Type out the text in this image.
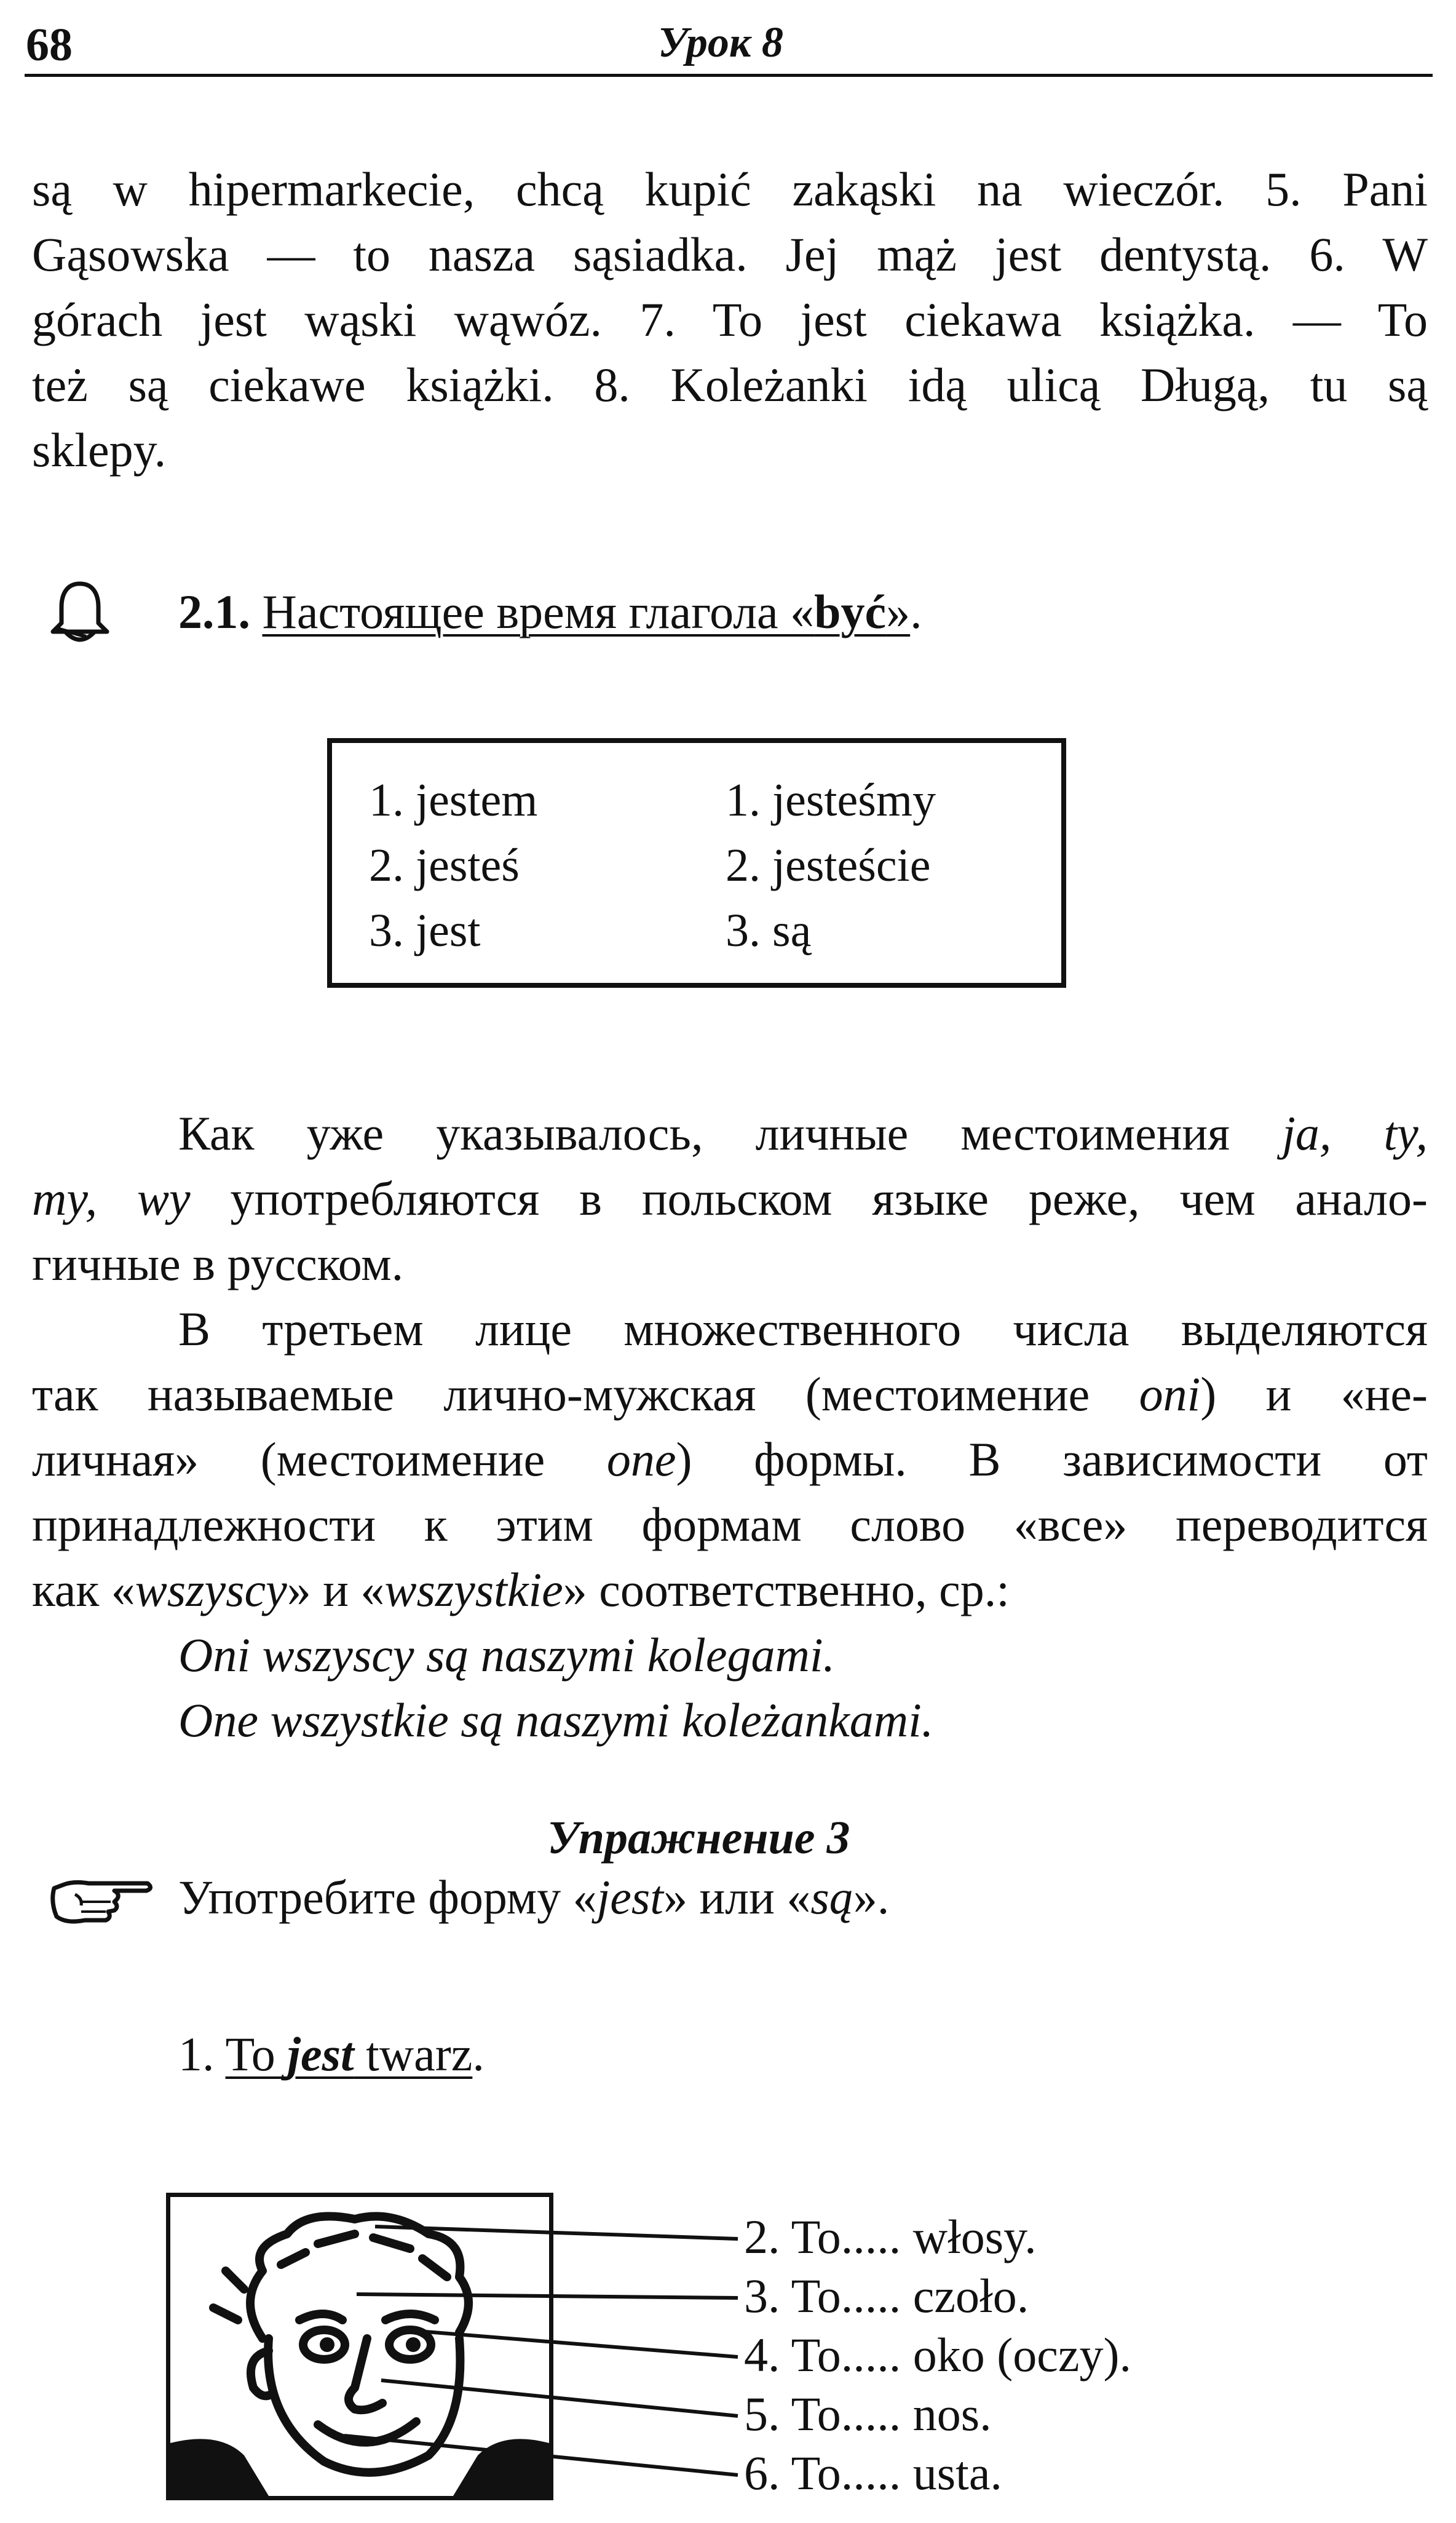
68	Урок 8
są w hipermarkecie, chcą kupić zakąski na wieczór. 5. Pani
Gąsowska — to nasza sąsiadka. Jej mąż jest dentystą. 6. W
górach jest wąski wąwóz. 7. To jest ciekawa książka. — To
też są ciekawe książki. 8. Koleżanki idą ulicą Długą, tu są
sklepy.
2.1. Настоящее время глагола «być».
1. jestem
2. jesteś
3. jest
1. jesteśmy
2. jesteście
3. są
Как уже указывалось, личные местоимения ja, ty,
my, wy употребляются в польском языке реже, чем анало-
гичные в русском.
В третьем лице множественного числа выделяются
так называемые лично-мужская (местоимение oni) и «не-
личная» (местоимение one) формы. В зависимости от
принадлежности к этим формам слово «все» переводится
как «wszyscy» и «wszystkie» соответственно, ср.:
Oni wszyscy są naszymi kolegami.
One wszystkie są naszymi koleżankami.
Упражнение 3
Употребите форму «jest» или «są».
1. To jest twarz.
2. To..... włosy.
3. To..... czoło.
4. To..... oko (oczy).
5. To..... nos.
6. To..... usta.
